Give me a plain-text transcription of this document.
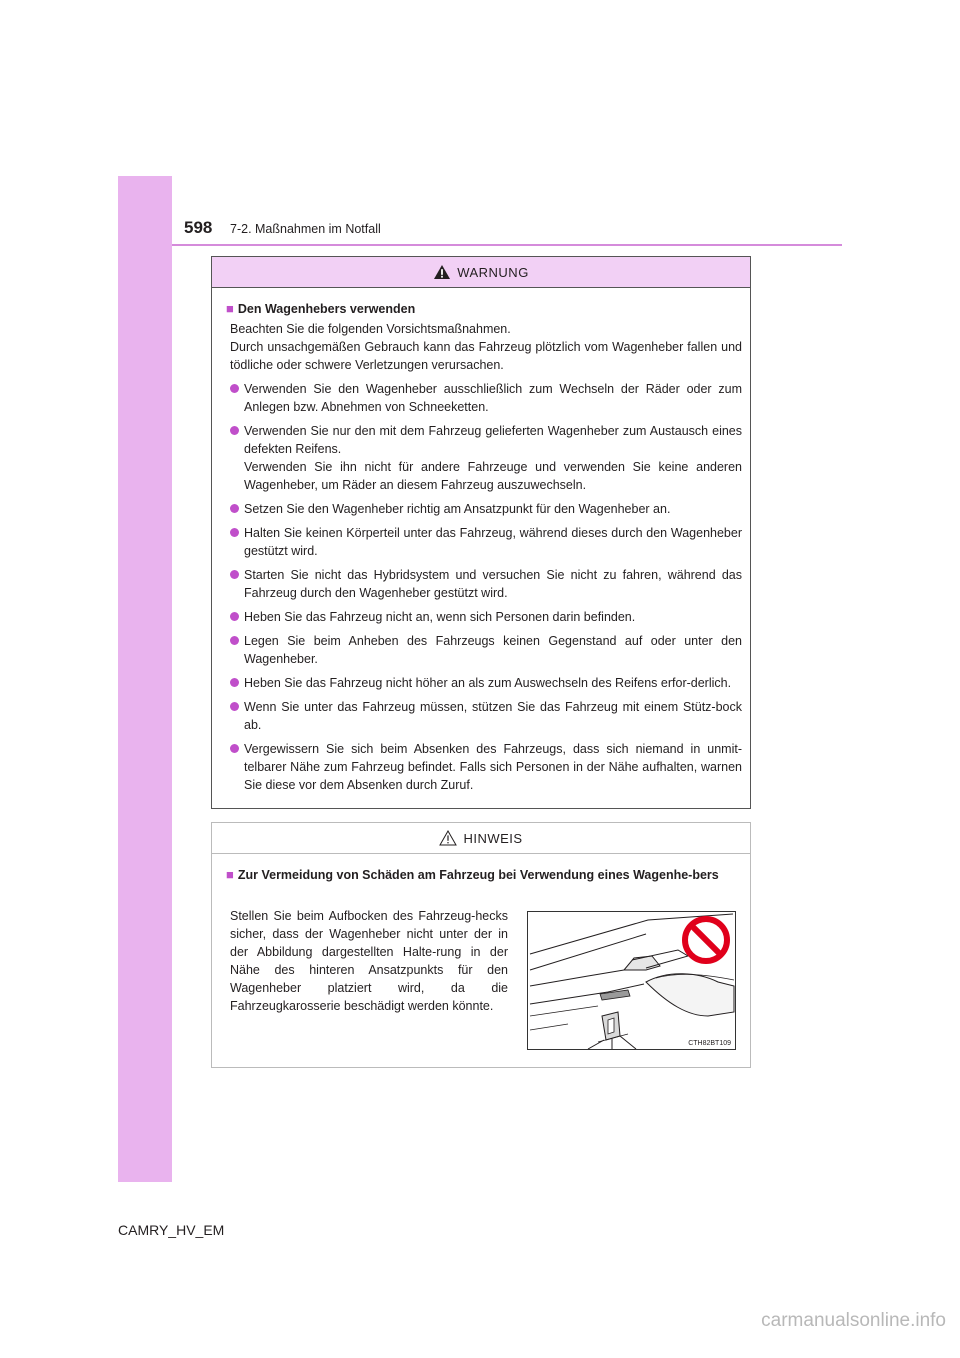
598 7-2. Maßnahmen im Notfall
WARNUNG
■ Den Wagenhebers verwenden
Beachten Sie die folgenden Vorsichtsmaßnahmen.
Durch unsachgemäßen Gebrauch kann das Fahrzeug plötzlich vom Wagenheber fallen und tödliche oder schwere Verletzungen verursachen.
Verwenden Sie den Wagenheber ausschließlich zum Wechseln der Räder oder zum Anlegen bzw. Abnehmen von Schneeketten.
Verwenden Sie nur den mit dem Fahrzeug gelieferten Wagenheber zum Austausch eines defekten Reifens.
Verwenden Sie ihn nicht für andere Fahrzeuge und verwenden Sie keine anderen Wagenheber, um Räder an diesem Fahrzeug auszuwechseln.
Setzen Sie den Wagenheber richtig am Ansatzpunkt für den Wagenheber an.
Halten Sie keinen Körperteil unter das Fahrzeug, während dieses durch den Wagenheber gestützt wird.
Starten Sie nicht das Hybridsystem und versuchen Sie nicht zu fahren, während das Fahrzeug durch den Wagenheber gestützt wird.
Heben Sie das Fahrzeug nicht an, wenn sich Personen darin befinden.
Legen Sie beim Anheben des Fahrzeugs keinen Gegenstand auf oder unter den Wagenheber.
Heben Sie das Fahrzeug nicht höher an als zum Auswechseln des Reifens erfor-derlich.
Wenn Sie unter das Fahrzeug müssen, stützen Sie das Fahrzeug mit einem Stütz-bock ab.
Vergewissern Sie sich beim Absenken des Fahrzeugs, dass sich niemand in unmit-telbarer Nähe zum Fahrzeug befindet. Falls sich Personen in der Nähe aufhalten, warnen Sie diese vor dem Absenken durch Zuruf.
HINWEIS
■ Zur Vermeidung von Schäden am Fahrzeug bei Verwendung eines Wagenhe-bers
Stellen Sie beim Aufbocken des Fahrzeug-hecks sicher, dass der Wagenheber nicht unter der in der Abbildung dargestellten Halte-rung in der Nähe des hinteren Ansatzpunkts für den Wagenheber platziert wird, da die Fahrzeugkarosserie beschädigt werden könnte.
CTH82BT109
CAMRY_HV_EM
carmanualsonline.info
